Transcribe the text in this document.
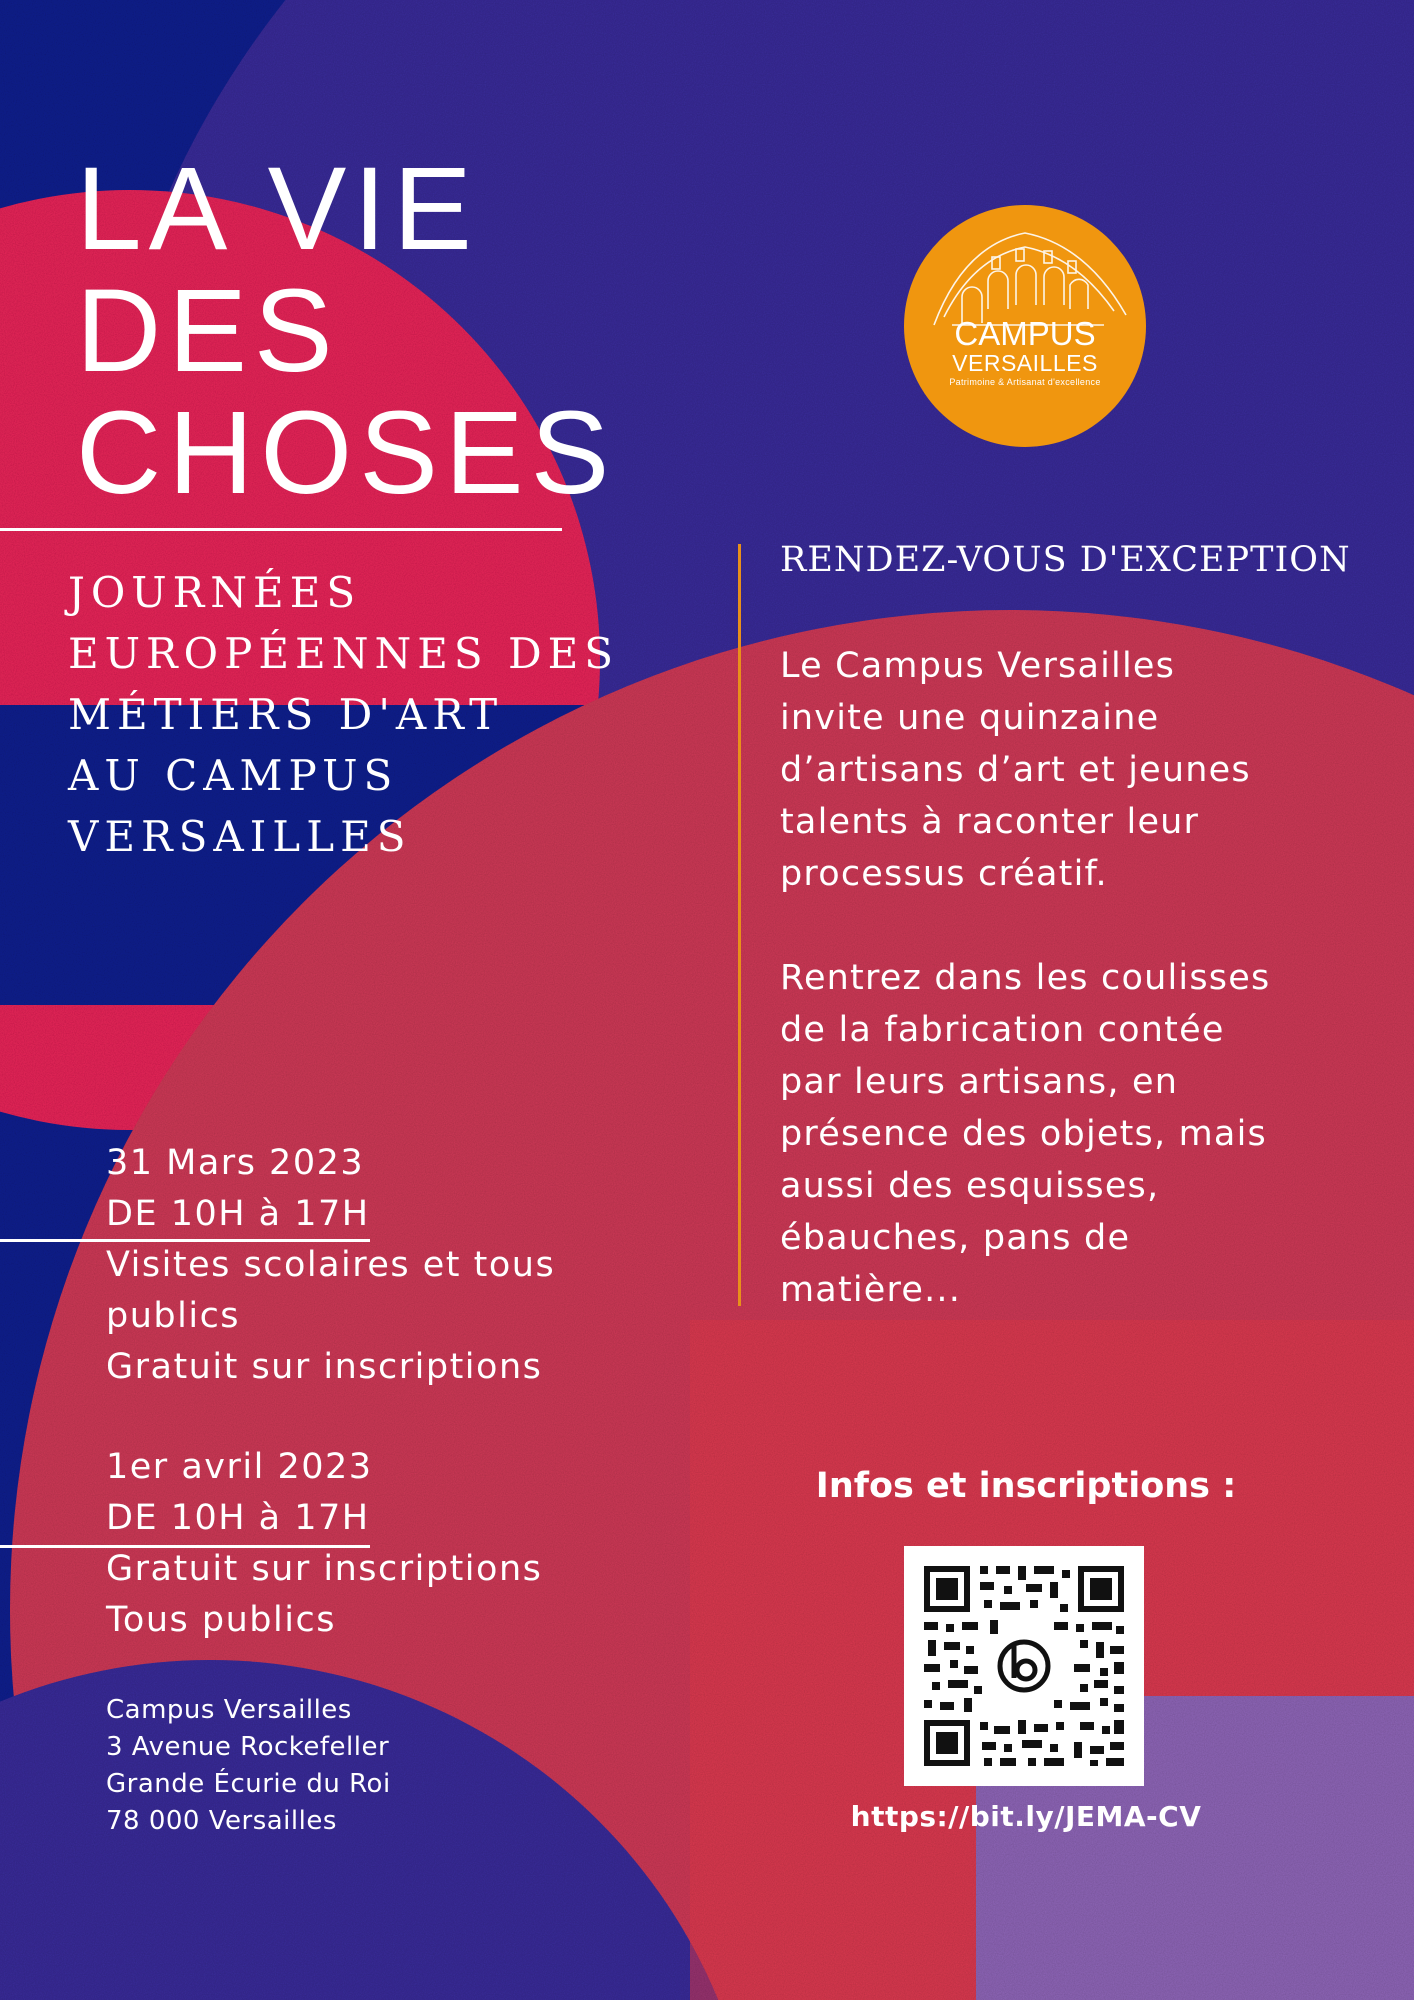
LA VIE
DES
CHOSES
JOURNÉES
EUROPÉENNES DES
MÉTIERS D'ART
AU CAMPUS
VERSAILLES
31 Mars 2023
DE 10H à 17H
Visites scolaires et tous
publics
Gratuit sur inscriptions
1er avril 2023
DE 10H à 17H
Gratuit sur inscriptions
Tous publics
Campus Versailles
3 Avenue Rockefeller
Grande Écurie du Roi
78 000 Versailles
CAMPUS
VERSAILLES
Patrimoine & Artisanat d'excellence
RENDEZ-VOUS D'EXCEPTION

Le Campus Versailles
invite une quinzaine
d’artisans d’art et jeunes
talents à raconter leur
processus créatif.

Rentrez dans les coulisses
de la fabrication contée
par leurs artisans, en
présence des objets, mais
aussi des esquisses,
ébauches, pans de
matière...

Infos et inscriptions :
https://bit.ly/JEMA-CV
